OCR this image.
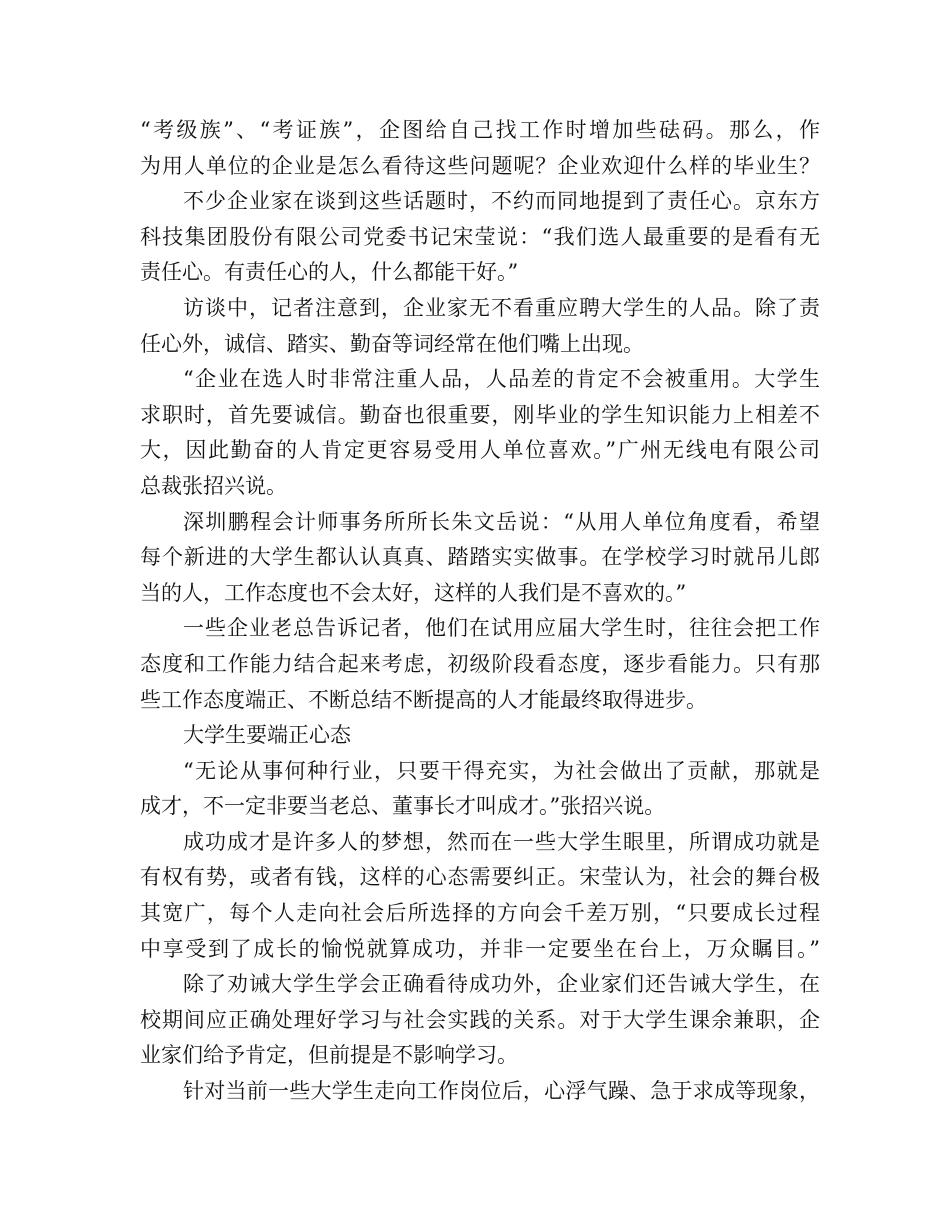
“考级族”、“考证族”，企图给自己找工作时增加些砝码。那么，作
为用人单位的企业是怎么看待这些问题呢？企业欢迎什么样的毕业生？
不少企业家在谈到这些话题时，不约而同地提到了责任心。京东方
科技集团股份有限公司党委书记宋莹说：“我们选人最重要的是看有无
责任心。有责任心的人，什么都能干好。”
访谈中，记者注意到，企业家无不看重应聘大学生的人品。除了责
任心外，诚信、踏实、勤奋等词经常在他们嘴上出现。
“企业在选人时非常注重人品，人品差的肯定不会被重用。大学生
求职时，首先要诚信。勤奋也很重要，刚毕业的学生知识能力上相差不
大，因此勤奋的人肯定更容易受用人单位喜欢。”广州无线电有限公司
总裁张招兴说。
深圳鹏程会计师事务所所长朱文岳说：“从用人单位角度看，希望
每个新进的大学生都认认真真、踏踏实实做事。在学校学习时就吊儿郎
当的人，工作态度也不会太好，这样的人我们是不喜欢的。”
一些企业老总告诉记者，他们在试用应届大学生时，往往会把工作
态度和工作能力结合起来考虑，初级阶段看态度，逐步看能力。只有那
些工作态度端正、不断总结不断提高的人才能最终取得进步。
大学生要端正心态
“无论从事何种行业，只要干得充实，为社会做出了贡献，那就是
成才，不一定非要当老总、董事长才叫成才。”张招兴说。
成功成才是许多人的梦想，然而在一些大学生眼里，所谓成功就是
有权有势，或者有钱，这样的心态需要纠正。宋莹认为，社会的舞台极
其宽广，每个人走向社会后所选择的方向会千差万别，“只要成长过程
中享受到了成长的愉悦就算成功，并非一定要坐在台上，万众瞩目。”
除了劝诫大学生学会正确看待成功外，企业家们还告诫大学生，在
校期间应正确处理好学习与社会实践的关系。对于大学生课余兼职，企
业家们给予肯定，但前提是不影响学习。
针对当前一些大学生走向工作岗位后，心浮气躁、急于求成等现象，
